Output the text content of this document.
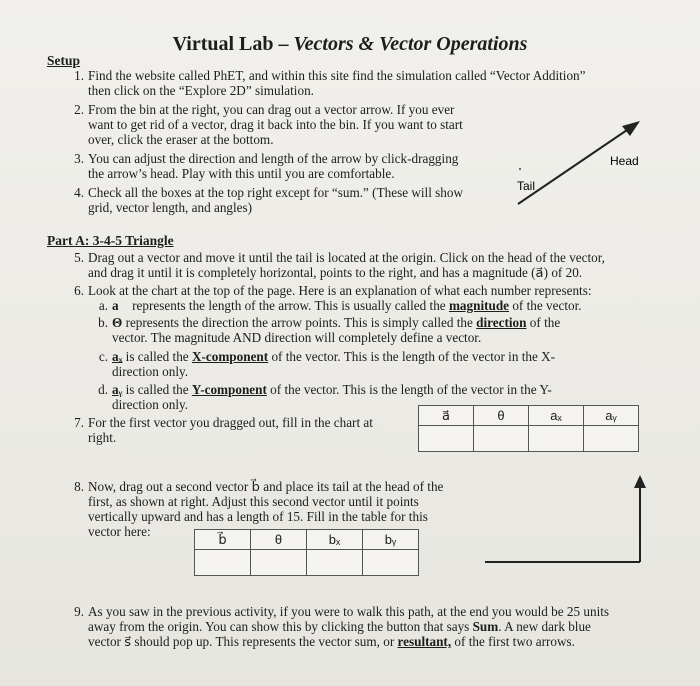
Virtual Lab – Vectors & Vector Operations
Setup
1. Find the website called PhET, and within this site find the simulation called “Vector Addition”
then click on the “Explore 2D” simulation.
2. From the bin at the right, you can drag out a vector arrow. If you ever
want to get rid of a vector, drag it back into the bin. If you want to start
over, click the eraser at the bottom.
3. You can adjust the direction and length of the arrow by click-dragging
the arrow’s head. Play with this until you are comfortable.
4. Check all the boxes at the top right except for “sum.” (These will show
grid, vector length, and angles)
Head
Tail
Part A: 3-4-5 Triangle
5. Drag out a vector and move it until the tail is located at the origin. Click on the head of the vector,
and drag it until it is completely horizontal, points to the right, and has a magnitude (a⃗) of 20.
6. Look at the chart at the top of the page. Here is an explanation of what each number represents:
a. a⃗ represents the length of the arrow. This is usually called the magnitude of the vector.
b. Θ represents the direction the arrow points. This is simply called the direction of the
vector. The magnitude AND direction will completely define a vector.
c. aₓ is called the X-component of the vector. This is the length of the vector in the X-
direction only.
d. aᵧ is called the Y-component of the vector. This is the length of the vector in the Y-
direction only.
7. For the first vector you dragged out, fill in the chart at
right.
a⃗	θ	aₓ	aᵧ

8. Now, drag out a second vector b⃗ and place its tail at the head of the
first, as shown at right. Adjust this second vector until it points
vertically upward and has a length of 15. Fill in the table for this
vector here:	b⃗	θ	bₓ	bᵧ

9. As you saw in the previous activity, if you were to walk this path, at the end you would be 25 units
away from the origin. You can show this by clicking the button that says Sum. A new dark blue
vector s⃗ should pop up. This represents the vector sum, or resultant, of the first two arrows.
